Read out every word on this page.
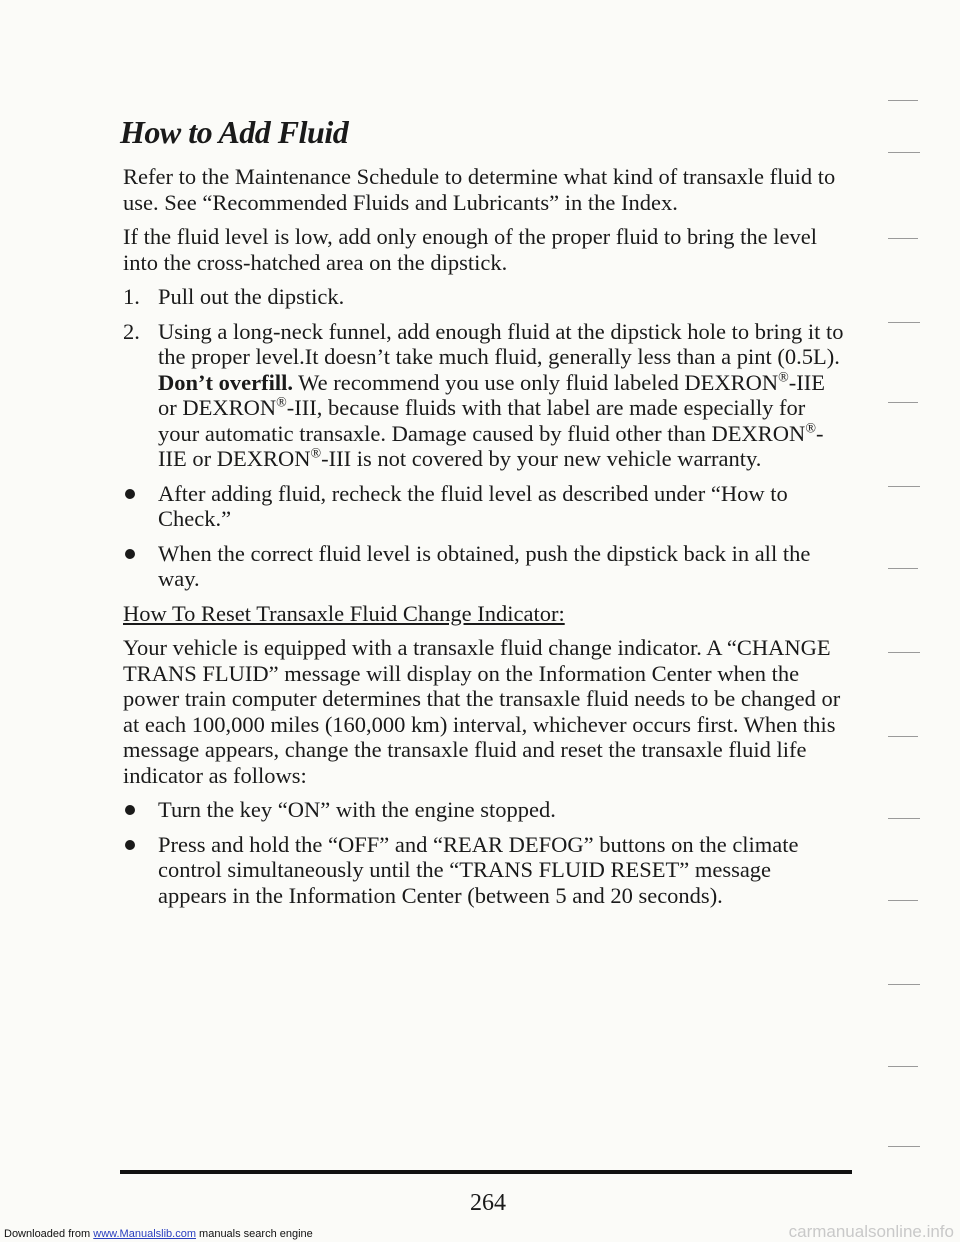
How to Add Fluid

Refer to the Maintenance Schedule to determine what kind of transaxle fluid to use. See “Recommended Fluids and Lubricants” in the Index.

If the fluid level is low, add only enough of the proper fluid to bring the level into the cross-hatched area on the dipstick.

1. Pull out the dipstick.
2. Using a long-neck funnel, add enough fluid at the dipstick hole to bring it to the proper level.It doesn’t take much fluid, generally less than a pint (0.5L). Don’t overfill. We recommend you use only fluid labeled DEXRON®-IIE or DEXRON®-III, because fluids with that label are made especially for your automatic transaxle. Damage caused by fluid other than DEXRON®-IIE or DEXRON®-III is not covered by your new vehicle warranty.
After adding fluid, recheck the fluid level as described under “How to Check.”
When the correct fluid level is obtained, push the dipstick back in all the way.

How To Reset Transaxle Fluid Change Indicator:

Your vehicle is equipped with a transaxle fluid change indicator. A “CHANGE TRANS FLUID” message will display on the Information Center when the power train computer determines that the transaxle fluid needs to be changed or at each 100,000 miles (160,000 km) interval, whichever occurs first. When this message appears, change the transaxle fluid and reset the transaxle fluid life indicator as follows:

Turn the key “ON” with the engine stopped.
Press and hold the “OFF” and “REAR DEFOG” buttons on the climate control simultaneously until the “TRANS FLUID RESET” message appears in the Information Center (between 5 and 20 seconds).
264
Downloaded from www.Manualslib.com manuals search engine	carmanualsonline.info
